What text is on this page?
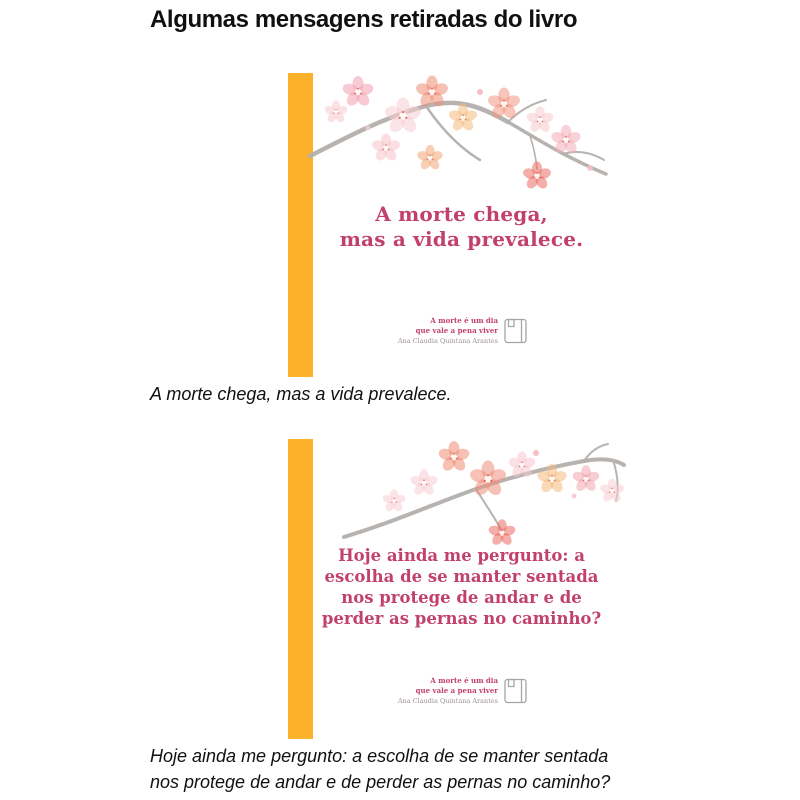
Algumas mensagens retiradas do livro
A morte chega,
mas a vida prevalece.
A morte é um dia
que vale a pena viver
Ana Claudia Quintana Arantes

A morte chega, mas a vida prevalece.

Hoje ainda me pergunto: a
escolha de se manter sentada
nos protege de andar e de
perder as pernas no caminho?
A morte é um dia
que vale a pena viver
Ana Claudia Quintana Arantes

Hoje ainda me pergunto: a escolha de se manter sentada
nos protege de andar e de perder as pernas no caminho?
